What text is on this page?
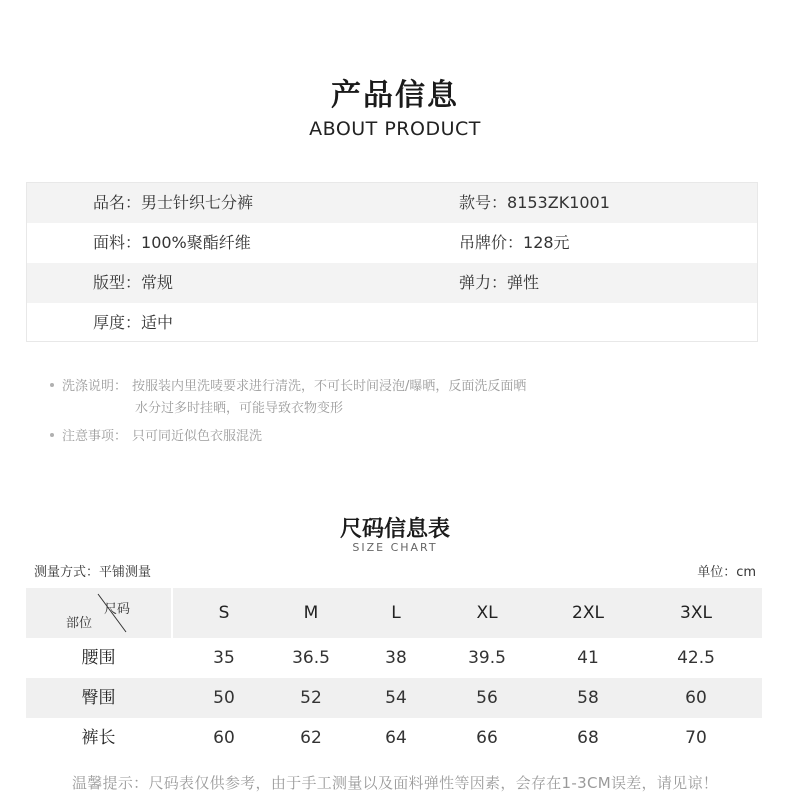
产品信息
ABOUT PRODUCT
品名：男士针织七分裤	款号：8153ZK1001
面料：100%聚酯纤维	吊牌价：128元
版型：常规	弹力：弹性
厚度：适中
洗涤说明： 按服装内里洗唛要求进行清洗，不可长时间浸泡/曝晒，反面洗反面晒
水分过多时挂晒，可能导致衣物变形
注意事项： 只可同近似色衣服混洗
尺码信息表
SIZE CHART
测量方式：平铺测量	单位：cm
尺码
部位
S	M	L	XL	2XL	3XL
腰围	35	36.5	38	39.5	41	42.5
臀围	50	52	54	56	58	60
裤长	60	62	64	66	68	70
温馨提示：尺码表仅供参考，由于手工测量以及面料弹性等因素，会存在1-3CM误差，请见谅！
